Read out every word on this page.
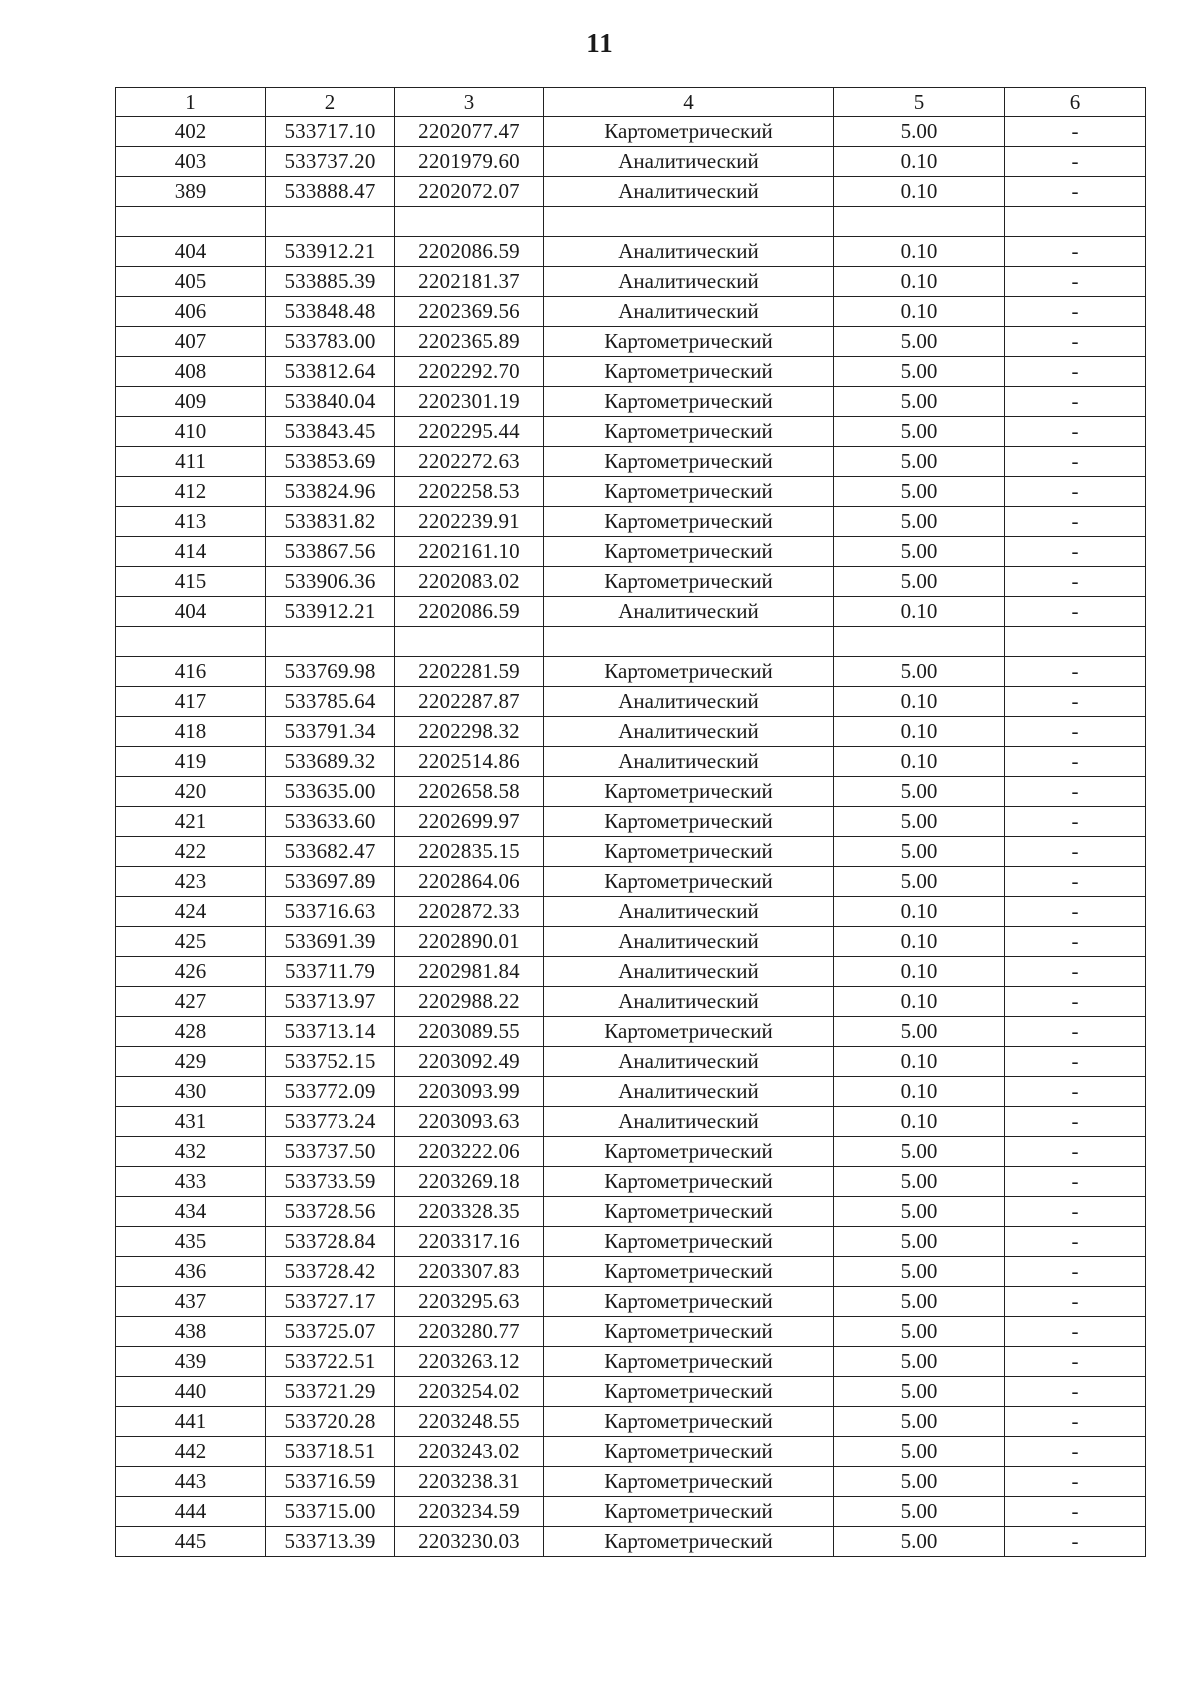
11
1	2	3	4	5	6
402	533717.10	2202077.47	Картометрический	5.00	-
403	533737.20	2201979.60	Аналитический	0.10	-
389	533888.47	2202072.07	Аналитический	0.10	-

404	533912.21	2202086.59	Аналитический	0.10	-
405	533885.39	2202181.37	Аналитический	0.10	-
406	533848.48	2202369.56	Аналитический	0.10	-
407	533783.00	2202365.89	Картометрический	5.00	-
408	533812.64	2202292.70	Картометрический	5.00	-
409	533840.04	2202301.19	Картометрический	5.00	-
410	533843.45	2202295.44	Картометрический	5.00	-
411	533853.69	2202272.63	Картометрический	5.00	-
412	533824.96	2202258.53	Картометрический	5.00	-
413	533831.82	2202239.91	Картометрический	5.00	-
414	533867.56	2202161.10	Картометрический	5.00	-
415	533906.36	2202083.02	Картометрический	5.00	-
404	533912.21	2202086.59	Аналитический	0.10	-

416	533769.98	2202281.59	Картометрический	5.00	-
417	533785.64	2202287.87	Аналитический	0.10	-
418	533791.34	2202298.32	Аналитический	0.10	-
419	533689.32	2202514.86	Аналитический	0.10	-
420	533635.00	2202658.58	Картометрический	5.00	-
421	533633.60	2202699.97	Картометрический	5.00	-
422	533682.47	2202835.15	Картометрический	5.00	-
423	533697.89	2202864.06	Картометрический	5.00	-
424	533716.63	2202872.33	Аналитический	0.10	-
425	533691.39	2202890.01	Аналитический	0.10	-
426	533711.79	2202981.84	Аналитический	0.10	-
427	533713.97	2202988.22	Аналитический	0.10	-
428	533713.14	2203089.55	Картометрический	5.00	-
429	533752.15	2203092.49	Аналитический	0.10	-
430	533772.09	2203093.99	Аналитический	0.10	-
431	533773.24	2203093.63	Аналитический	0.10	-
432	533737.50	2203222.06	Картометрический	5.00	-
433	533733.59	2203269.18	Картометрический	5.00	-
434	533728.56	2203328.35	Картометрический	5.00	-
435	533728.84	2203317.16	Картометрический	5.00	-
436	533728.42	2203307.83	Картометрический	5.00	-
437	533727.17	2203295.63	Картометрический	5.00	-
438	533725.07	2203280.77	Картометрический	5.00	-
439	533722.51	2203263.12	Картометрический	5.00	-
440	533721.29	2203254.02	Картометрический	5.00	-
441	533720.28	2203248.55	Картометрический	5.00	-
442	533718.51	2203243.02	Картометрический	5.00	-
443	533716.59	2203238.31	Картометрический	5.00	-
444	533715.00	2203234.59	Картометрический	5.00	-
445	533713.39	2203230.03	Картометрический	5.00	-
